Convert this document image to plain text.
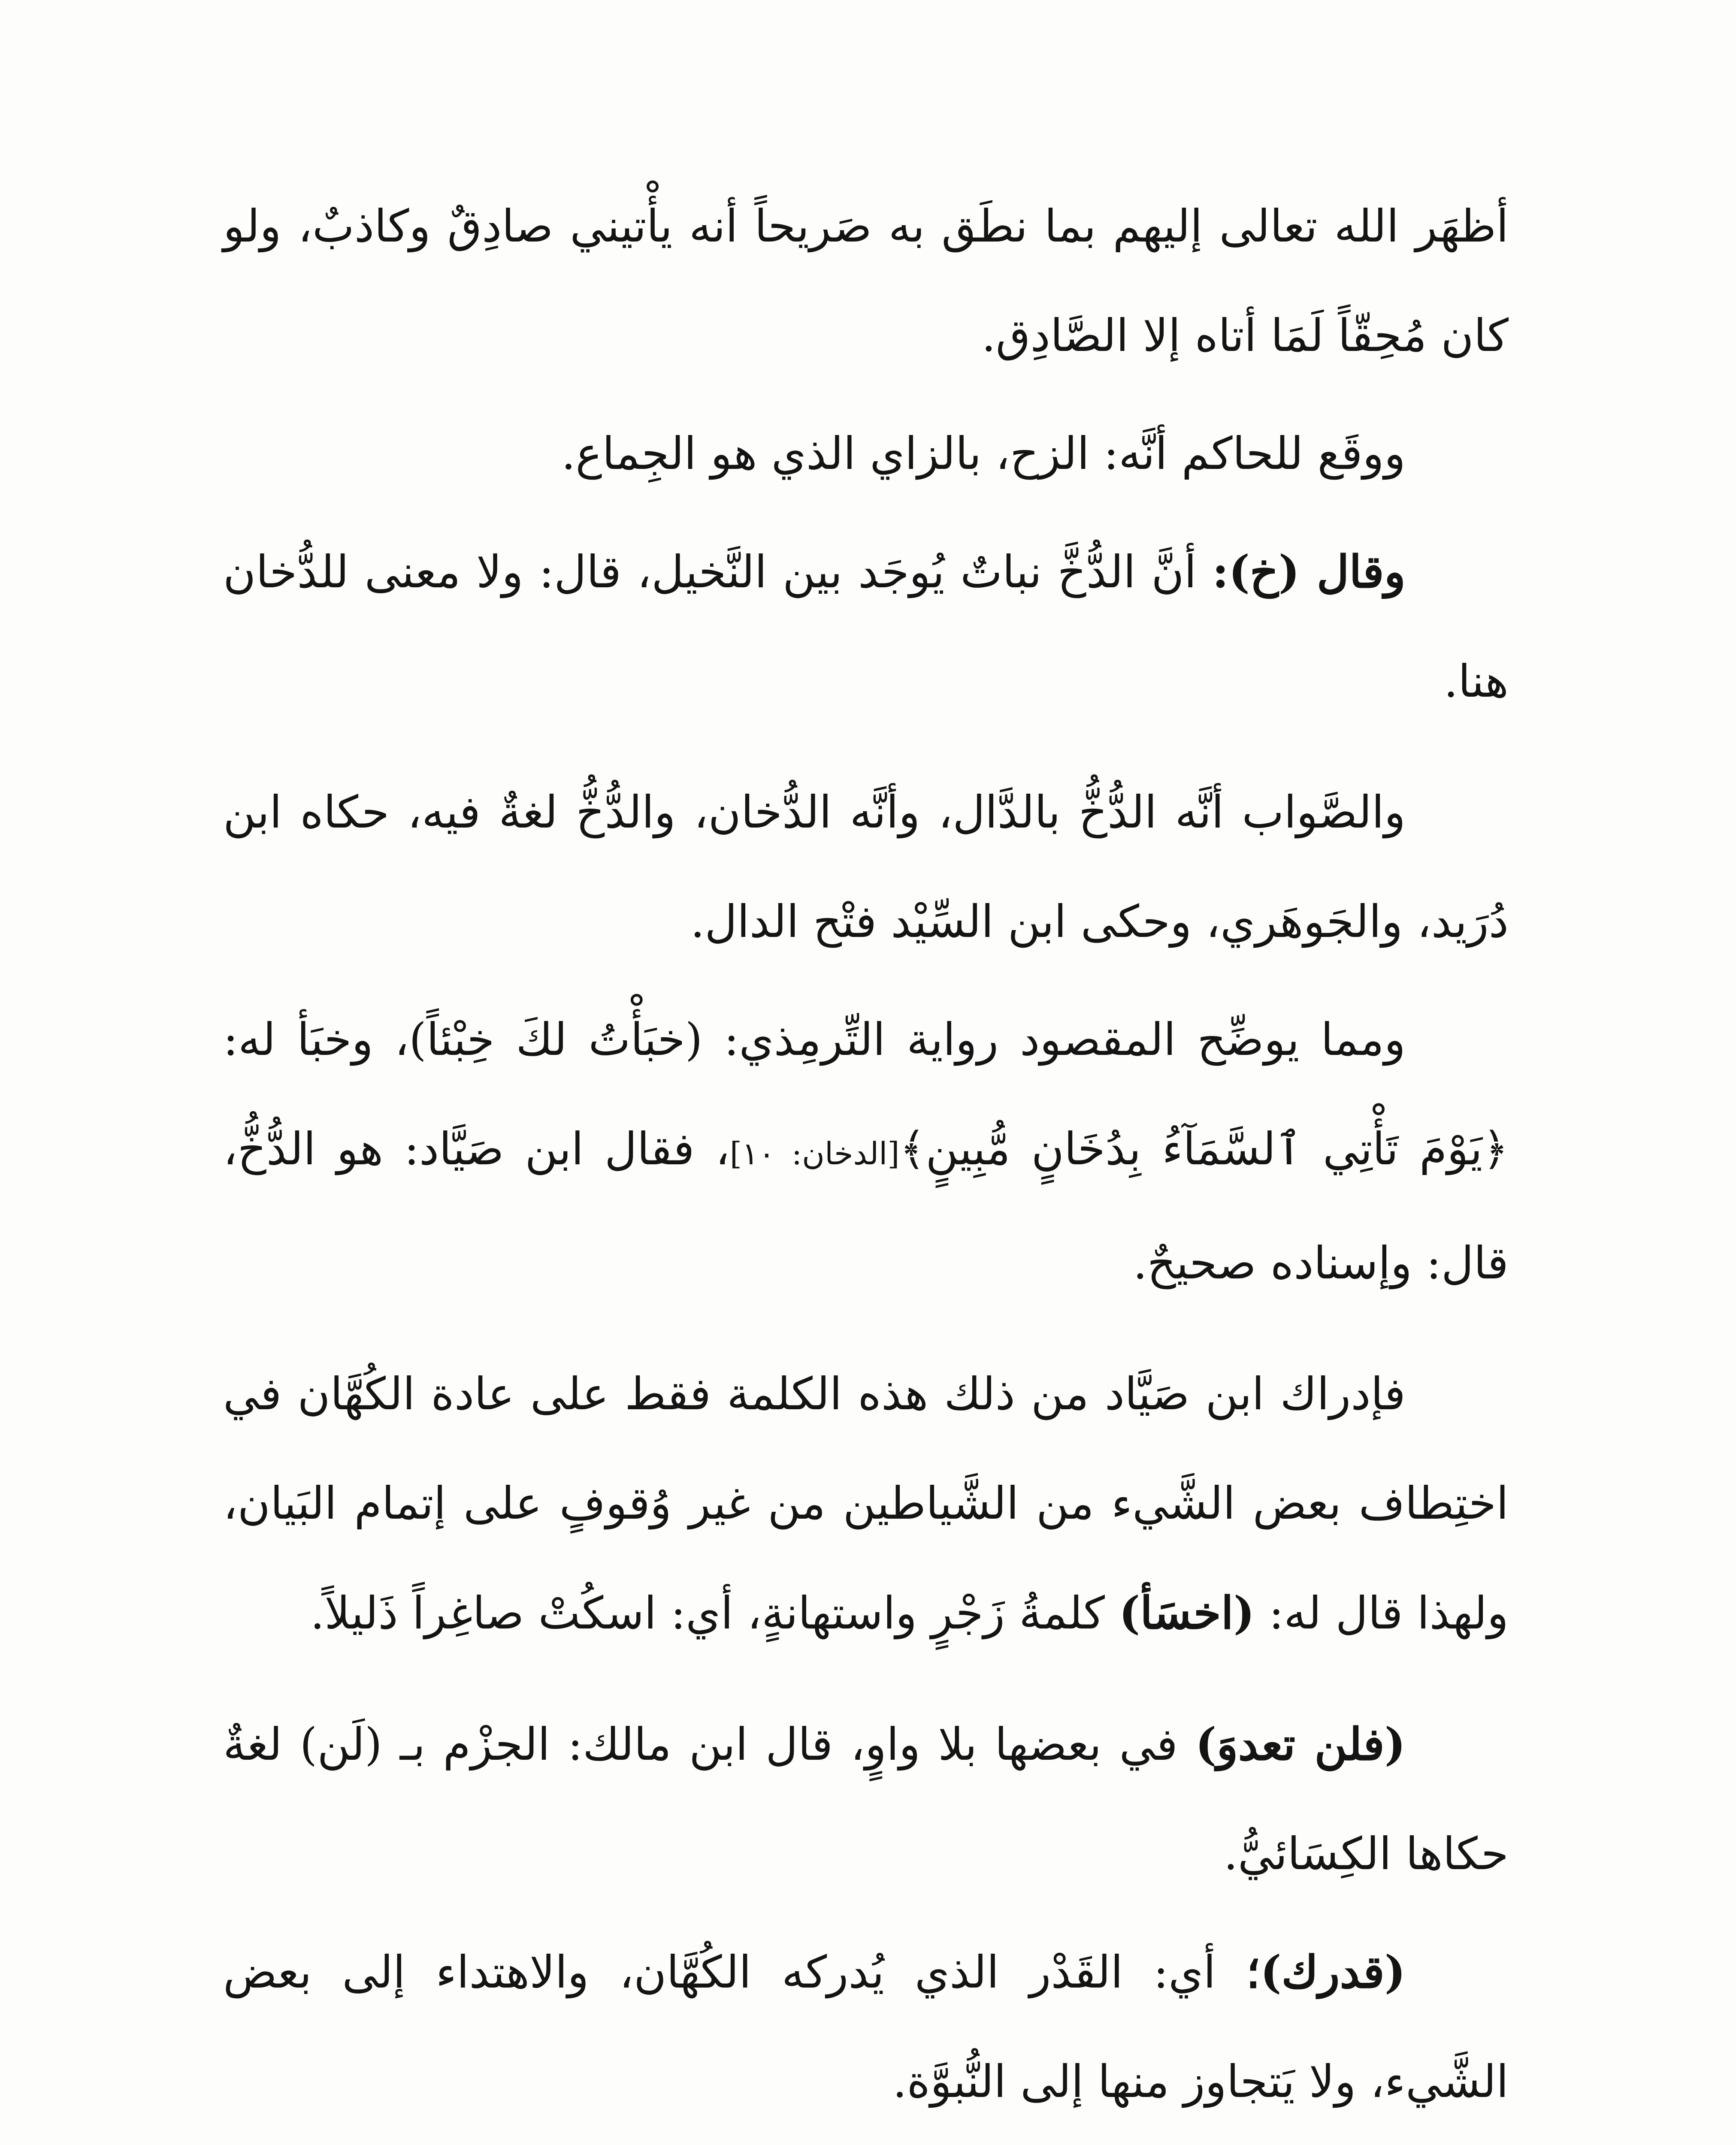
أظهَر الله تعالى إليهم بما نطَق به صَريحاً أنه يأْتيني صادِقٌ وكاذبٌ، ولو كان مُحِقّاً لَمَا أتاه إلا الصَّادِق.

ووقَع للحاكم أنَّه: الزح، بالزاي الذي هو الجِماع.

وقال (خ): أنَّ الدُّخَّ نباتٌ يُوجَد بين النَّخيل، قال: ولا معنى للدُّخان هنا.

والصَّواب أنَّه الدُّخُّ بالدَّال، وأنَّه الدُّخان، والدُّخُّ لغةٌ فيه، حكاه ابن دُرَيد، والجَوهَري، وحكى ابن السِّيْد فتْح الدال.

ومما يوضِّح المقصود رواية التِّرمِذي: (خبَأْتُ لكَ خِبْئاً)، وخبَأ له: ﴿يَوْمَ تَأْتِي ٱلسَّمَآءُ بِدُخَانٍ مُّبِينٍ﴾[الدخان: ١٠]، فقال ابن صَيَّاد: هو الدُّخُّ، قال: وإسناده صحيحٌ.

فإدراك ابن صَيَّاد من ذلك هذه الكلمة فقط على عادة الكُهَّان في اختِطاف بعض الشَّيء من الشَّياطين من غير وُقوفٍ على إتمام البَيان، ولهذا قال له: (اخسَأ) كلمةُ زَجْرٍ واستهانةٍ، أي: اسكُتْ صاغِراً ذَليلاً.

(فلن تعدوَ) في بعضها بلا واوٍ، قال ابن مالك: الجزْم بـ (لَن) لغةٌ حكاها الكِسَائيُّ.

(قدرك)؛ أي: القَدْر الذي يُدركه الكُهَّان، والاهتداء إلى بعض الشَّيء، ولا يَتجاوز منها إلى النُّبوَّة.
